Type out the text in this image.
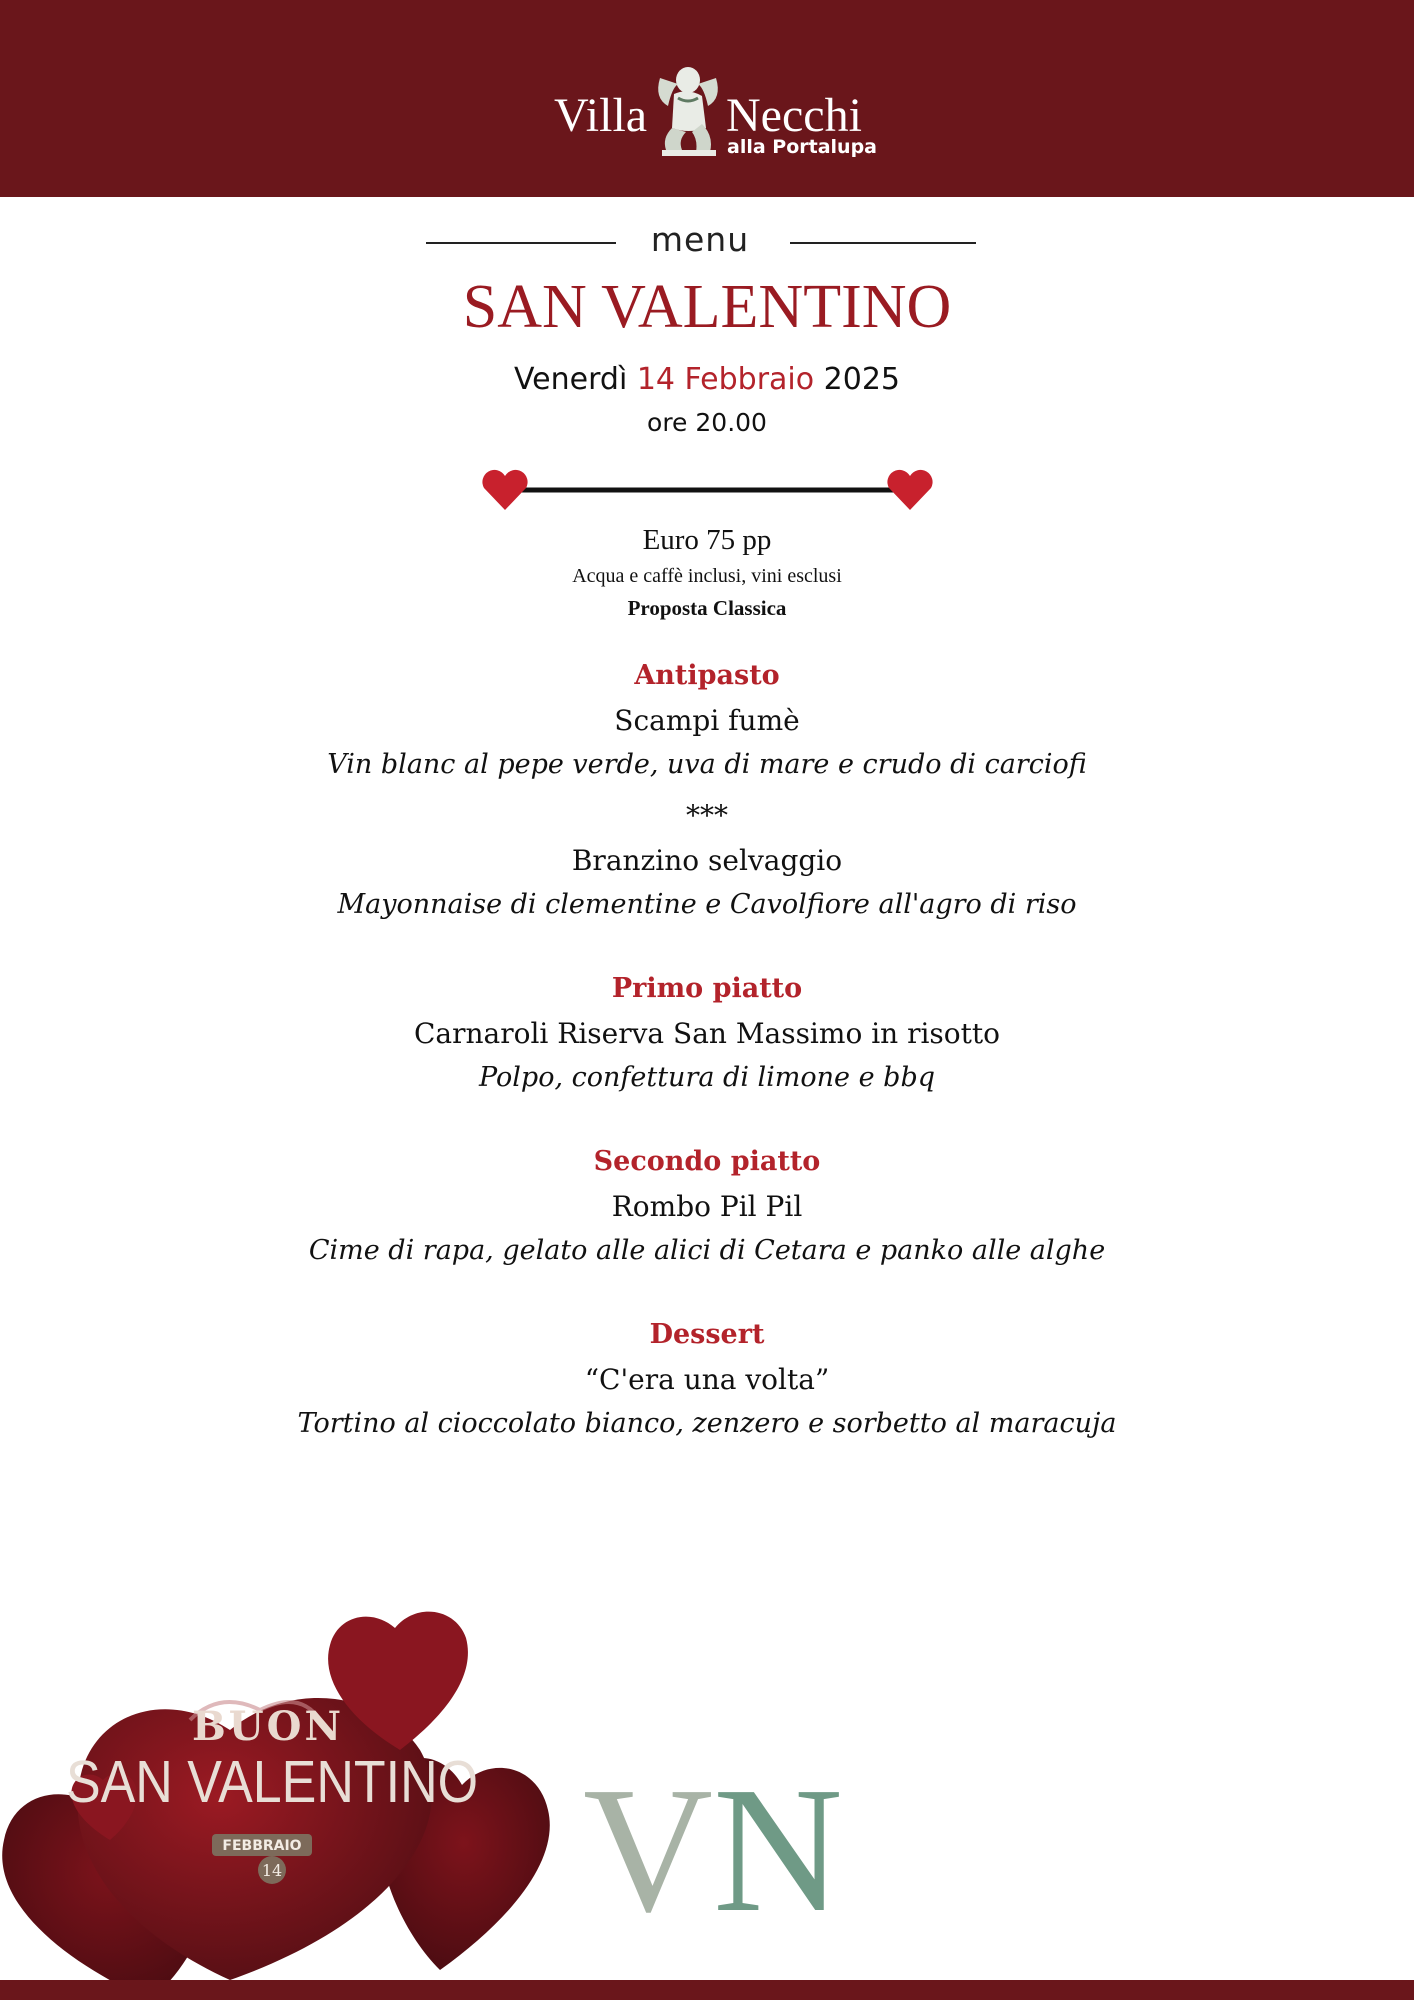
Villa Necchi
alla Portalupa
menu
SAN VALENTINO
Venerdì 14 Febbraio 2025
ore 20.00
Euro 75 pp
Acqua e caffè inclusi, vini esclusi
Proposta Classica
Antipasto
Scampi fumè
Vin blanc al pepe verde, uva di mare e crudo di carciofi
***
Branzino selvaggio
Mayonnaise di clementine e Cavolfiore all'agro di riso
Primo piatto
Carnaroli Riserva San Massimo in risotto
Polpo, confettura di limone e bbq
Secondo piatto
Rombo Pil Pil
Cime di rapa, gelato alle alici di Cetara e panko alle alghe
Dessert
“C'era una volta”
Tortino al cioccolato bianco, zenzero e sorbetto al maracuja
BUON
SAN VALENTINO
FEBBRAIO
14 VN
